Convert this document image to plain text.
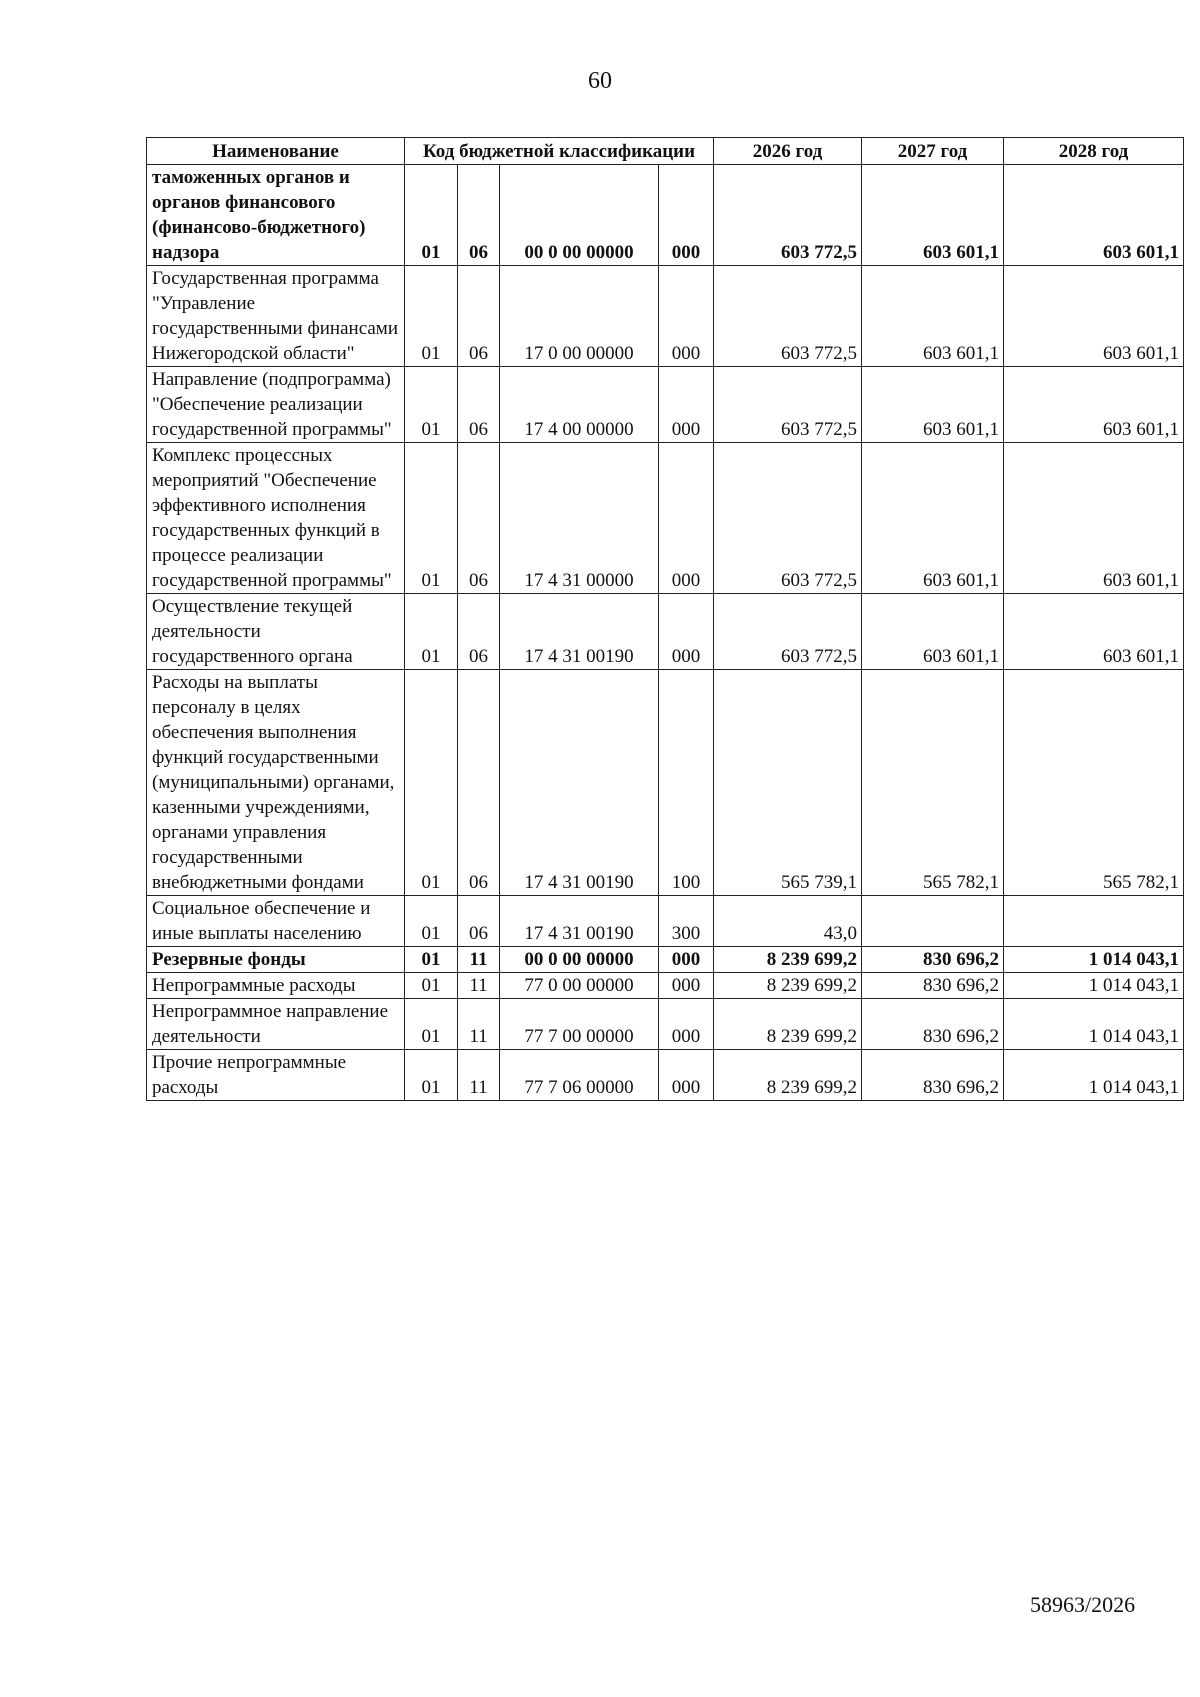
60
Наименование	Код бюджетной классификации				2026 год	2027 год	2028 год
таможенных органов и органов финансового (финансово-бюджетного) надзора	01	06	00 0 00 00000	000	603 772,5	603 601,1	603 601,1
Государственная программа "Управление государственными финансами Нижегородской области"	01	06	17 0 00 00000	000	603 772,5	603 601,1	603 601,1
Направление (подпрограмма) "Обеспечение реализации государственной программы"	01	06	17 4 00 00000	000	603 772,5	603 601,1	603 601,1
Комплекс процессных мероприятий "Обеспечение эффективного исполнения государственных функций в процессе реализации государственной программы"	01	06	17 4 31 00000	000	603 772,5	603 601,1	603 601,1
Осуществление текущей деятельности государственного органа	01	06	17 4 31 00190	000	603 772,5	603 601,1	603 601,1
Расходы на выплаты персоналу в целях обеспечения выполнения функций государственными (муниципальными) органами, казенными учреждениями, органами управления государственными внебюджетными фондами	01	06	17 4 31 00190	100	565 739,1	565 782,1	565 782,1
Социальное обеспечение и иные выплаты населению	01	06	17 4 31 00190	300	43,0		
Резервные фонды	01	11	00 0 00 00000	000	8 239 699,2	830 696,2	1 014 043,1
Непрограммные расходы	01	11	77 0 00 00000	000	8 239 699,2	830 696,2	1 014 043,1
Непрограммное направление деятельности	01	11	77 7 00 00000	000	8 239 699,2	830 696,2	1 014 043,1
Прочие непрограммные расходы	01	11	77 7 06 00000	000	8 239 699,2	830 696,2	1 014 043,1
58963/2026
